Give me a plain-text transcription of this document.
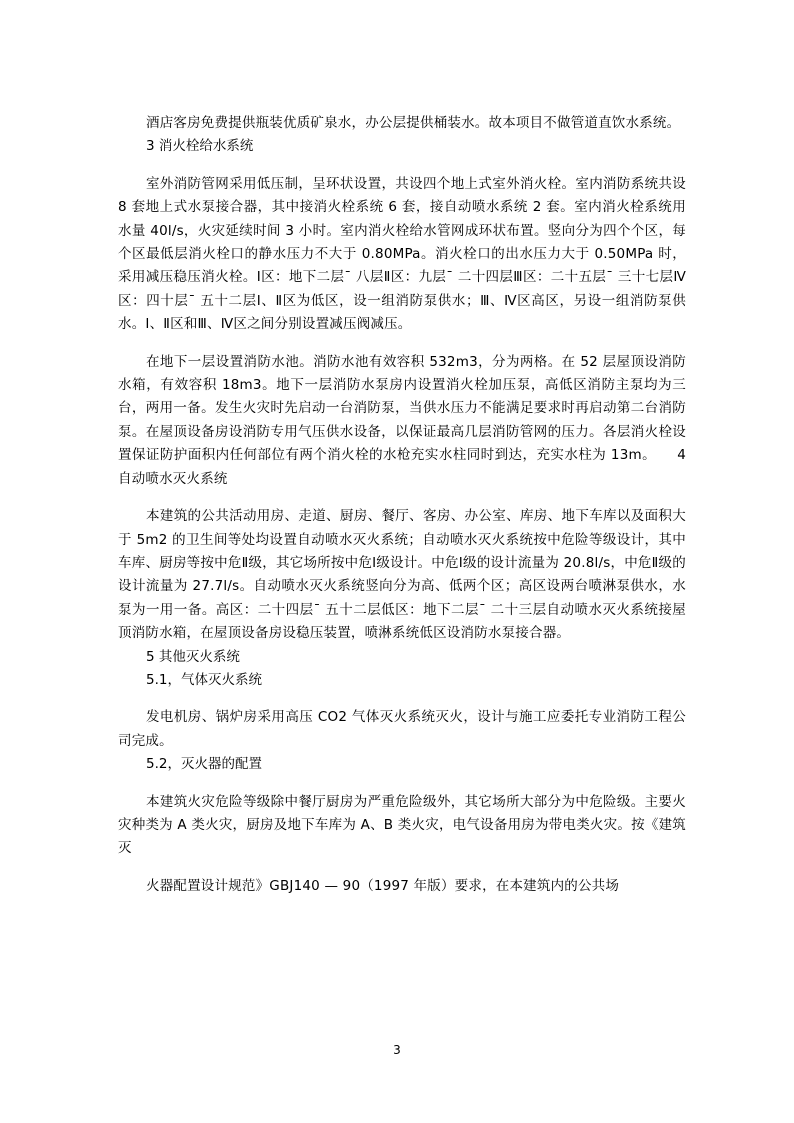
酒店客房免费提供瓶装优质矿泉水，办公层提供桶装水。故本项目不做管道直饮水系统。

3 消火栓给水系统

室外消防管网采用低压制，呈环状设置，共设四个地上式室外消火栓。室内消防系统共设 8 套地上式水泵接合器，其中接消火栓系统 6 套，接自动喷水系统 2 套。室内消火栓系统用水量 40l/s，火灾延续时间 3 小时。室内消火栓给水管网成环状布置。竖向分为四个个区，每个区最低层消火栓口的静水压力不大于 0.80MPa。消火栓口的出水压力大于 0.50MPa 时，采用减压稳压消火栓。Ⅰ区：地下二层¯ 八层Ⅱ区：九层¯ 二十四层Ⅲ区：二十五层¯ 三十七层Ⅳ区：四十层¯ 五十二层Ⅰ、Ⅱ区为低区，设一组消防泵供水；Ⅲ、Ⅳ区高区，另设一组消防泵供水。Ⅰ、Ⅱ区和Ⅲ、Ⅳ区之间分别设置减压阀减压。

在地下一层设置消防水池。消防水池有效容积 532m3，分为两格。在 52 层屋顶设消防水箱，有效容积 18m3。地下一层消防水泵房内设置消火栓加压泵，高低区消防主泵均为三台，两用一备。发生火灾时先启动一台消防泵，当供水压力不能满足要求时再启动第二台消防泵。在屋顶设备房设消防专用气压供水设备，以保证最高几层消防管网的压力。各层消火栓设置保证防护面积内任何部位有两个消火栓的水枪充实水柱同时到达，充实水柱为 13m。　　4 自动喷水灭火系统

本建筑的公共活动用房、走道、厨房、餐厅、客房、办公室、库房、地下车库以及面积大于 5m2 的卫生间等处均设置自动喷水灭火系统；自动喷水灭火系统按中危险等级设计，其中车库、厨房等按中危Ⅱ级，其它场所按中危Ⅰ级设计。中危Ⅰ级的设计流量为 20.8l/s，中危Ⅱ级的设计流量为 27.7l/s。自动喷水灭火系统竖向分为高、低两个区；高区设两台喷淋泵供水，水泵为一用一备。高区：二十四层¯ 五十二层低区：地下二层¯ 二十三层自动喷水灭火系统接屋顶消防水箱，在屋顶设备房设稳压装置，喷淋系统低区设消防水泵接合器。

5 其他灭火系统

5.1，气体灭火系统

发电机房、锅炉房采用高压 CO2 气体灭火系统灭火，设计与施工应委托专业消防工程公司完成。

5.2，灭火器的配置

本建筑火灾危险等级除中餐厅厨房为严重危险级外，其它场所大部分为中危险级。主要火灾种类为 A 类火灾，厨房及地下车库为 A、B 类火灾，电气设备用房为带电类火灾。按《建筑灭

火器配置设计规范》GBJ140 — 90（1997 年版）要求，在本建筑内的公共场

3
